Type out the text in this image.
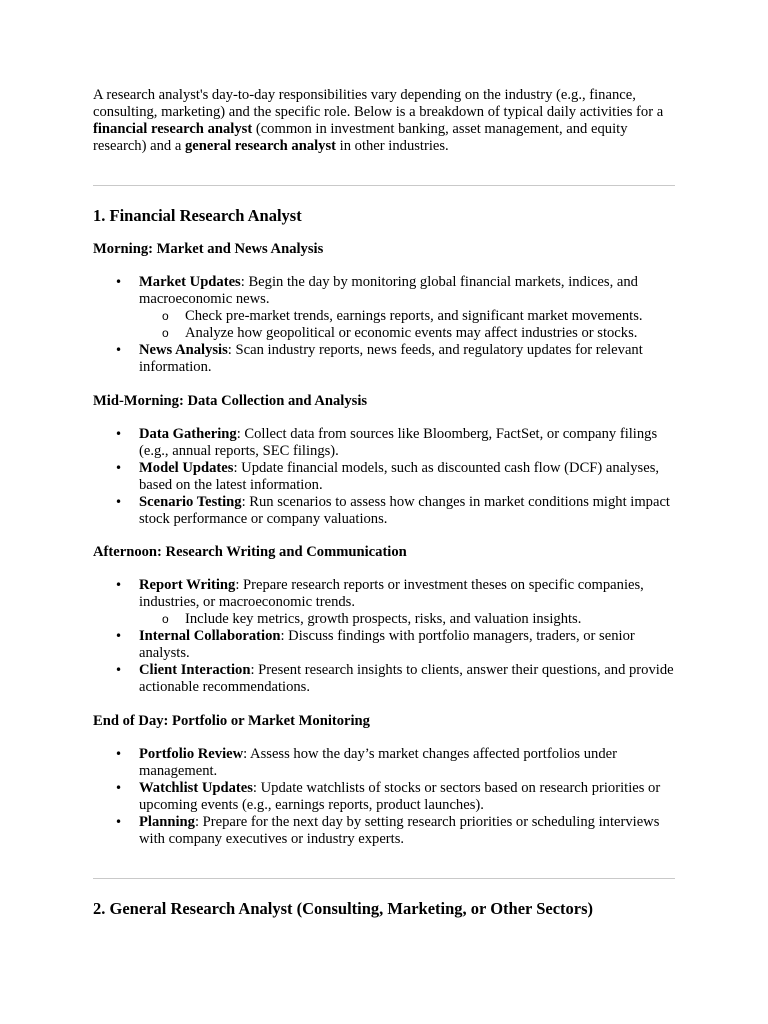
A research analyst's day-to-day responsibilities vary depending on the industry (e.g., finance, consulting, marketing) and the specific role. Below is a breakdown of typical daily activities for a financial research analyst (common in investment banking, asset management, and equity research) and a general research analyst in other industries.

1. Financial Research Analyst
Morning: Market and News Analysis
• Market Updates: Begin the day by monitoring global financial markets, indices, and macroeconomic news.
o Check pre-market trends, earnings reports, and significant market movements.
o Analyze how geopolitical or economic events may affect industries or stocks.
• News Analysis: Scan industry reports, news feeds, and regulatory updates for relevant information.
Mid-Morning: Data Collection and Analysis
• Data Gathering: Collect data from sources like Bloomberg, FactSet, or company filings (e.g., annual reports, SEC filings).
• Model Updates: Update financial models, such as discounted cash flow (DCF) analyses, based on the latest information.
• Scenario Testing: Run scenarios to assess how changes in market conditions might impact stock performance or company valuations.
Afternoon: Research Writing and Communication
• Report Writing: Prepare research reports or investment theses on specific companies, industries, or macroeconomic trends.
o Include key metrics, growth prospects, risks, and valuation insights.
• Internal Collaboration: Discuss findings with portfolio managers, traders, or senior analysts.
• Client Interaction: Present research insights to clients, answer their questions, and provide actionable recommendations.
End of Day: Portfolio or Market Monitoring
• Portfolio Review: Assess how the day’s market changes affected portfolios under management.
• Watchlist Updates: Update watchlists of stocks or sectors based on research priorities or upcoming events (e.g., earnings reports, product launches).
• Planning: Prepare for the next day by setting research priorities or scheduling interviews with company executives or industry experts.
2. General Research Analyst (Consulting, Marketing, or Other Sectors)
